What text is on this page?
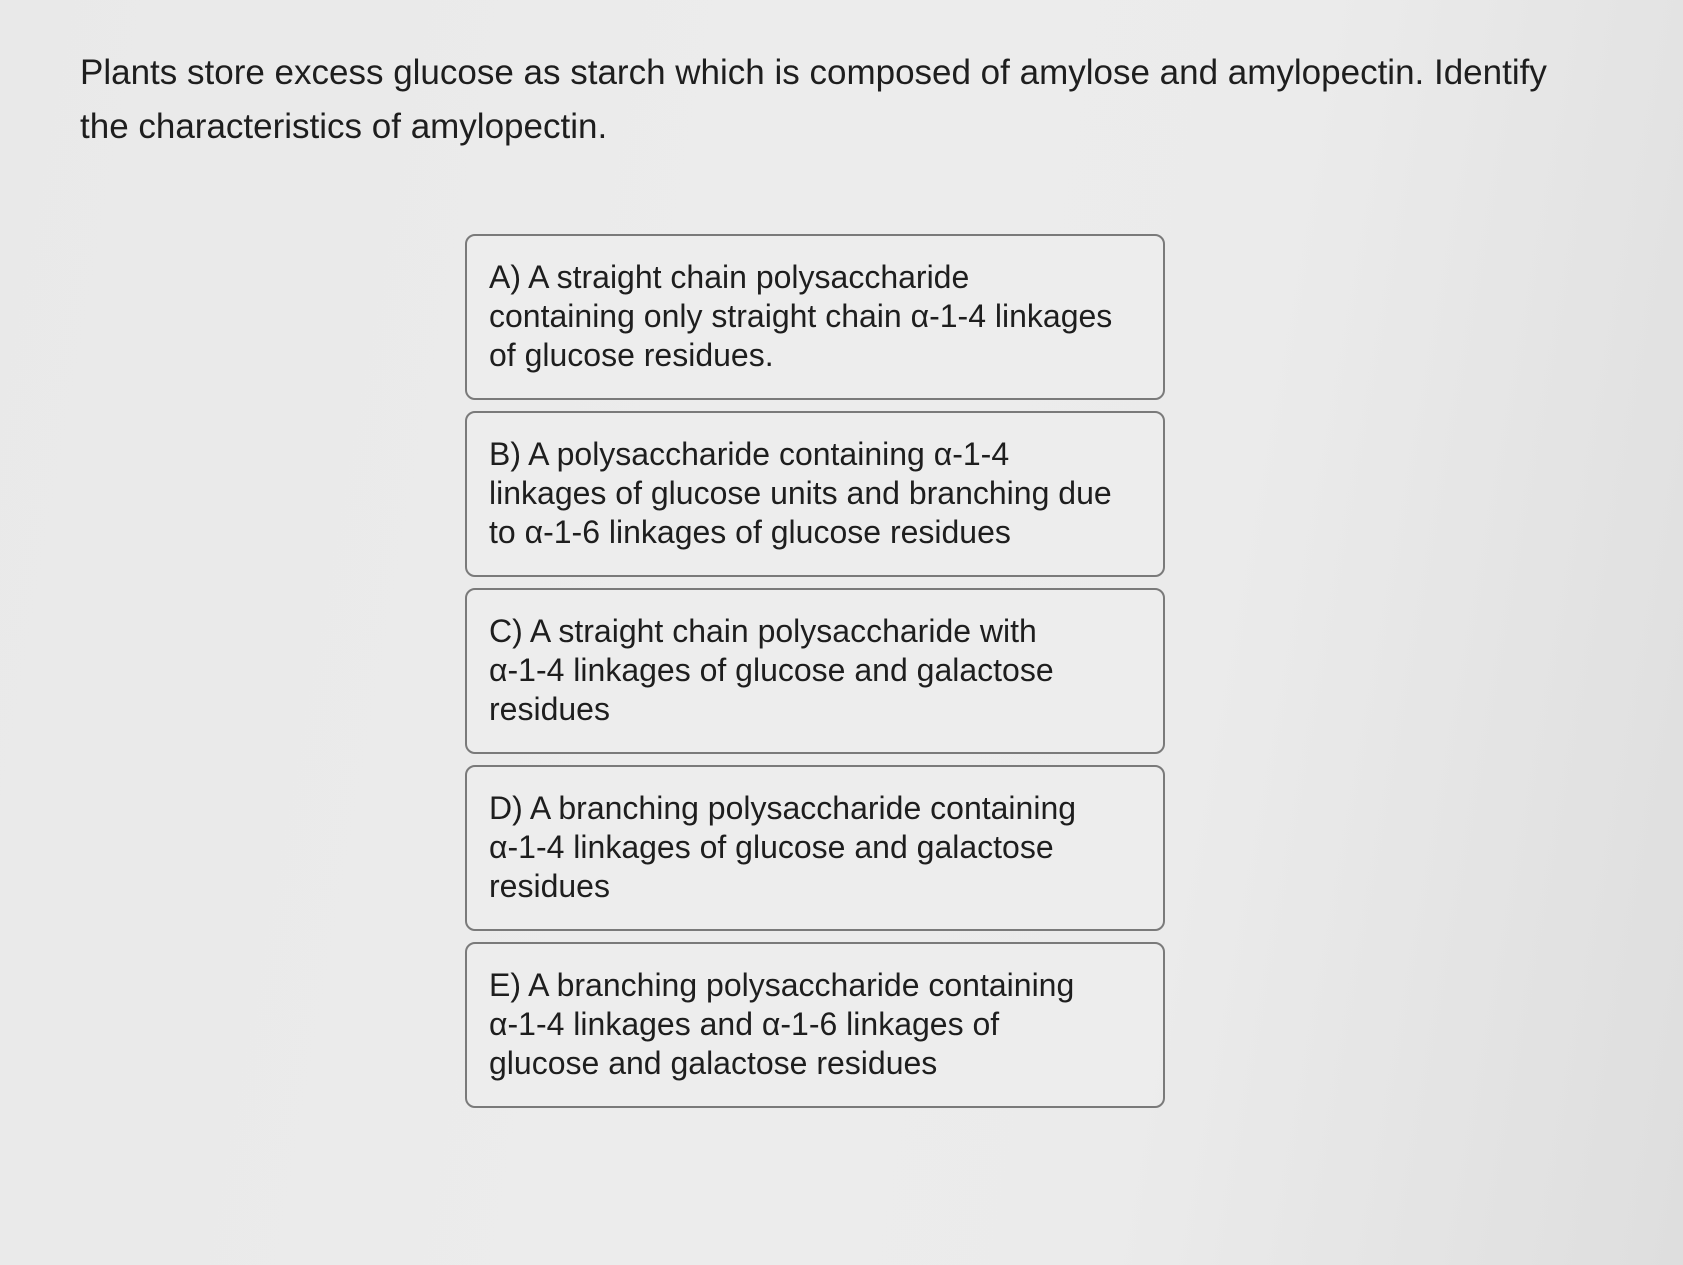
Plants store excess glucose as starch which is composed of amylose and amylopectin. Identify the characteristics of amylopectin.

A) A straight chain polysaccharide
containing only straight chain α-1-4 linkages
of glucose residues.
B) A polysaccharide containing α-1-4
linkages of glucose units and branching due
to α-1-6 linkages of glucose residues
C) A straight chain polysaccharide with
α-1-4 linkages of glucose and galactose
residues
D) A branching polysaccharide containing
α-1-4 linkages of glucose and galactose
residues
E) A branching polysaccharide containing
α-1-4 linkages and α-1-6 linkages of
glucose and galactose residues
